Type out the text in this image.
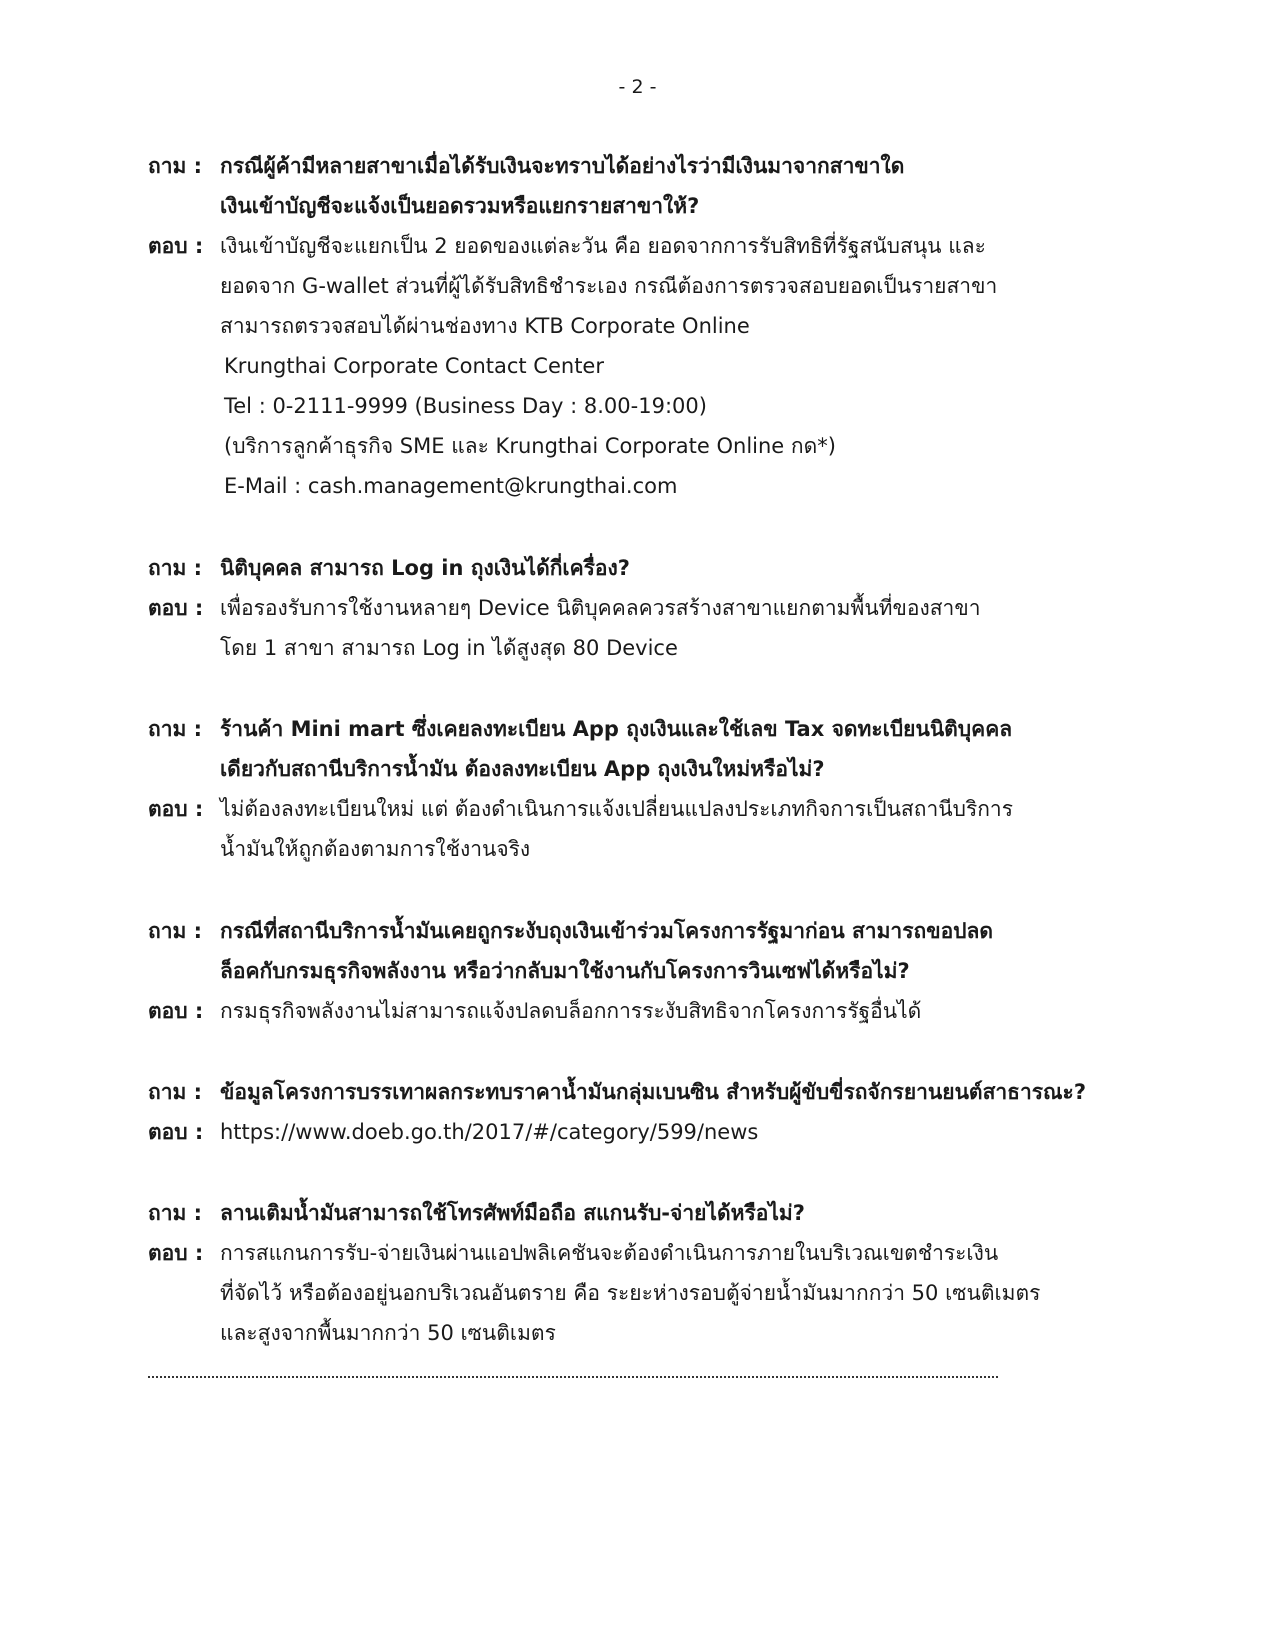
- 2 -
ถาม : กรณีผู้ค้ามีหลายสาขาเมื่อได้รับเงินจะทราบได้อย่างไรว่ามีเงินมาจากสาขาใด
เงินเข้าบัญชีจะแจ้งเป็นยอดรวมหรือแยกรายสาขาให้?
ตอบ : เงินเข้าบัญชีจะแยกเป็น 2 ยอดของแต่ละวัน คือ ยอดจากการรับสิทธิที่รัฐสนับสนุน และ
ยอดจาก G-wallet ส่วนที่ผู้ได้รับสิทธิชำระเอง กรณีต้องการตรวจสอบยอดเป็นรายสาขา
สามารถตรวจสอบได้ผ่านช่องทาง KTB Corporate Online
Krungthai Corporate Contact Center
Tel : 0-2111-9999 (Business Day : 8.00-19:00)
(บริการลูกค้าธุรกิจ SME และ Krungthai Corporate Online กด*)
E-Mail : cash.management@krungthai.com
ถาม : นิติบุคคล สามารถ Log in ถุงเงินได้กี่เครื่อง?
ตอบ : เพื่อรองรับการใช้งานหลายๆ Device นิติบุคคลควรสร้างสาขาแยกตามพื้นที่ของสาขา
โดย 1 สาขา สามารถ Log in ได้สูงสุด 80 Device
ถาม : ร้านค้า Mini mart ซึ่งเคยลงทะเบียน App ถุงเงินและใช้เลข Tax จดทะเบียนนิติบุคคล
เดียวกับสถานีบริการน้ำมัน ต้องลงทะเบียน App ถุงเงินใหม่หรือไม่?
ตอบ : ไม่ต้องลงทะเบียนใหม่ แต่ ต้องดำเนินการแจ้งเปลี่ยนแปลงประเภทกิจการเป็นสถานีบริการ
น้ำมันให้ถูกต้องตามการใช้งานจริง
ถาม : กรณีที่สถานีบริการน้ำมันเคยถูกระงับถุงเงินเข้าร่วมโครงการรัฐมาก่อน สามารถขอปลด
ล็อคกับกรมธุรกิจพลังงาน หรือว่ากลับมาใช้งานกับโครงการวินเซฟได้หรือไม่?
ตอบ : กรมธุรกิจพลังงานไม่สามารถแจ้งปลดบล็อกการระงับสิทธิจากโครงการรัฐอื่นได้
ถาม : ข้อมูลโครงการบรรเทาผลกระทบราคาน้ำมันกลุ่มเบนซิน สำหรับผู้ขับขี่รถจักรยานยนต์สาธารณะ?
ตอบ : https://www.doeb.go.th/2017/#/category/599/news
ถาม : ลานเติมน้ำมันสามารถใช้โทรศัพท์มือถือ สแกนรับ-จ่ายได้หรือไม่?
ตอบ : การสแกนการรับ-จ่ายเงินผ่านแอปพลิเคชันจะต้องดำเนินการภายในบริเวณเขตชำระเงิน
ที่จัดไว้ หรือต้องอยู่นอกบริเวณอันตราย คือ ระยะห่างรอบตู้จ่ายน้ำมันมากกว่า 50 เซนติเมตร
และสูงจากพื้นมากกว่า 50 เซนติเมตร
